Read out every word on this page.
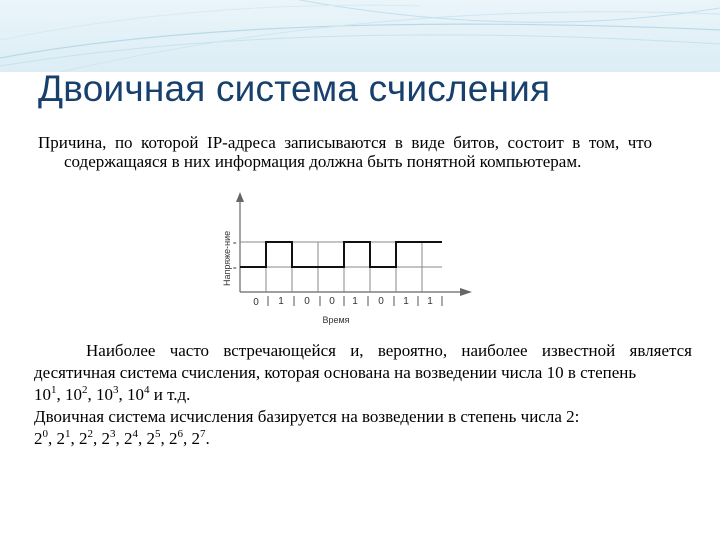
Двоичная система счисления

Причина, по которой IP-адреса записываются в виде битов, состоит в том, что содержащаяся в них информация должна быть понятной компьютерам.

=
=
Напряже-ние
0 1 0 0 1 0 1 1
Время

Наиболее часто встречающейся и, вероятно, наиболее известной является десятичная система счисления, которая основана на возведении числа 10 в степень
$10^1$, $10^2$, $10^3$, $10^4$ и т.д.

Двоичная система исчисления базируется на возведении в степень числа 2:

$2^0$, $2^1$, $2^2$, $2^3$, $2^4$, $2^5$, $2^6$, $2^7$.
